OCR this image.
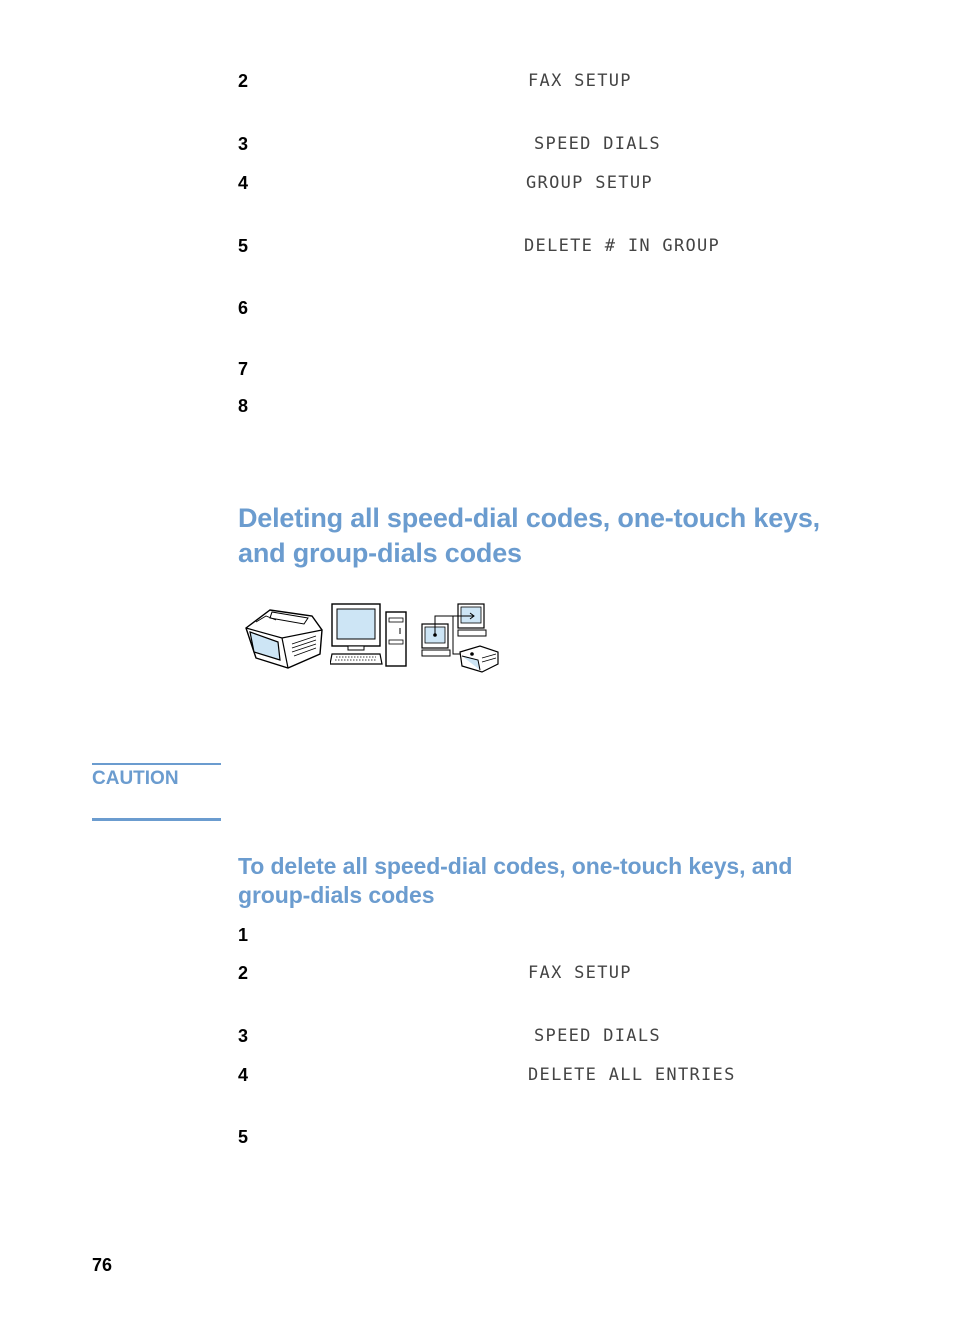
2	FAX SETUP
3	SPEED DIALS
4	GROUP SETUP
5	DELETE # IN GROUP
6
7
8
Deleting all speed-dial codes, one-touch keys,
and group-dials codes
CAUTION
To delete all speed-dial codes, one-touch keys, and
group-dials codes
1
2	FAX SETUP
3	SPEED DIALS
4	DELETE ALL ENTRIES
5
76
